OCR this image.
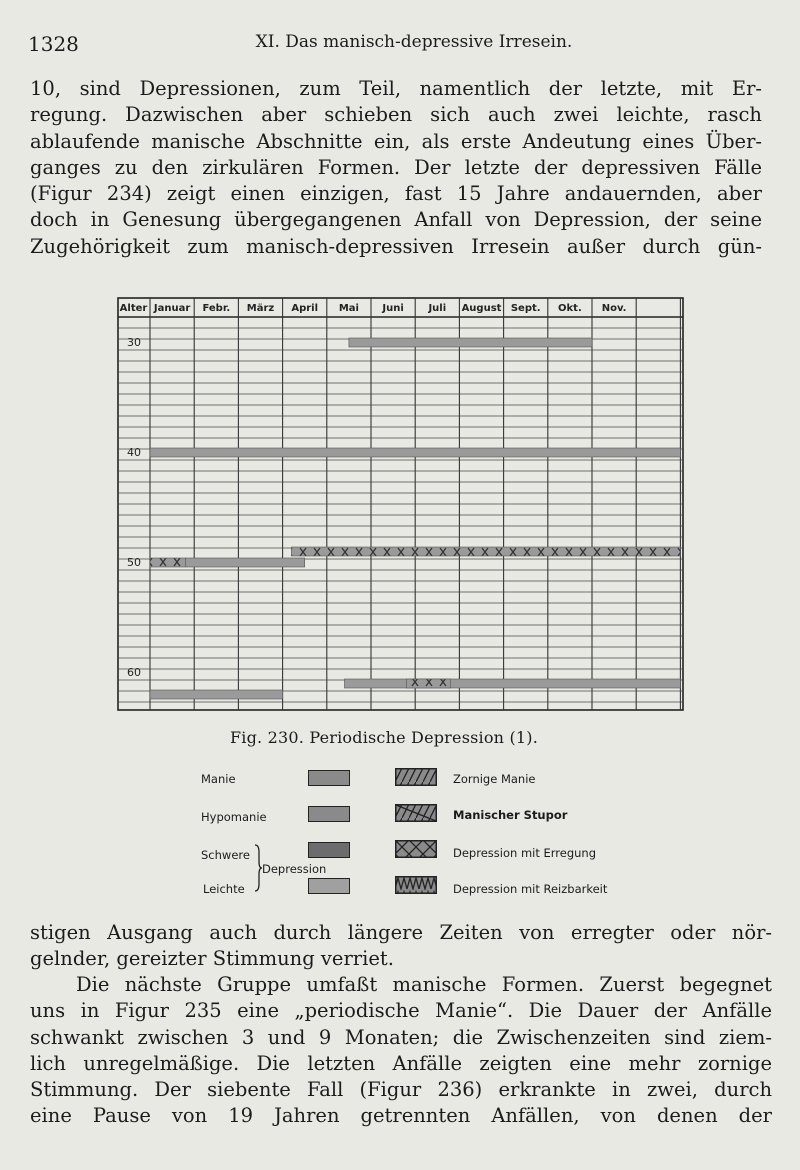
1328	XI. Das manisch-depressive Irresein.
10, sind Depressionen, zum Teil, namentlich der letzte, mit Er-
regung. Dazwischen aber schieben sich auch zwei leichte, rasch
ablaufende manische Abschnitte ein, als erste Andeutung eines Über-
ganges zu den zirkulären Formen. Der letzte der depressiven Fälle
(Figur 234) zeigt einen einzigen, fast 15 Jahre andauernden, aber
doch in Genesung übergegangenen Anfall von Depression, der seine
Zugehörigkeit zum manisch-depressiven Irresein außer durch gün-
Alter Januar Febr. März April Mai Juni Juli August Sept. Okt. Nov.
30
40
50
60
Fig. 230. Periodische Depression (1).
Manie
Hypomanie
Schwere
Leichte
Depression
Zornige Manie
Manischer Stupor
Depression mit Erregung
Depression mit Reizbarkeit
stigen Ausgang auch durch längere Zeiten von erregter oder nör-
gelnder, gereizter Stimmung verriet.
Die nächste Gruppe umfaßt manische Formen. Zuerst begegnet
uns in Figur 235 eine „periodische Manie“. Die Dauer der Anfälle
schwankt zwischen 3 und 9 Monaten; die Zwischenzeiten sind ziem-
lich unregelmäßige. Die letzten Anfälle zeigten eine mehr zornige
Stimmung. Der siebente Fall (Figur 236) erkrankte in zwei, durch
eine Pause von 19 Jahren getrennten Anfällen, von denen der
